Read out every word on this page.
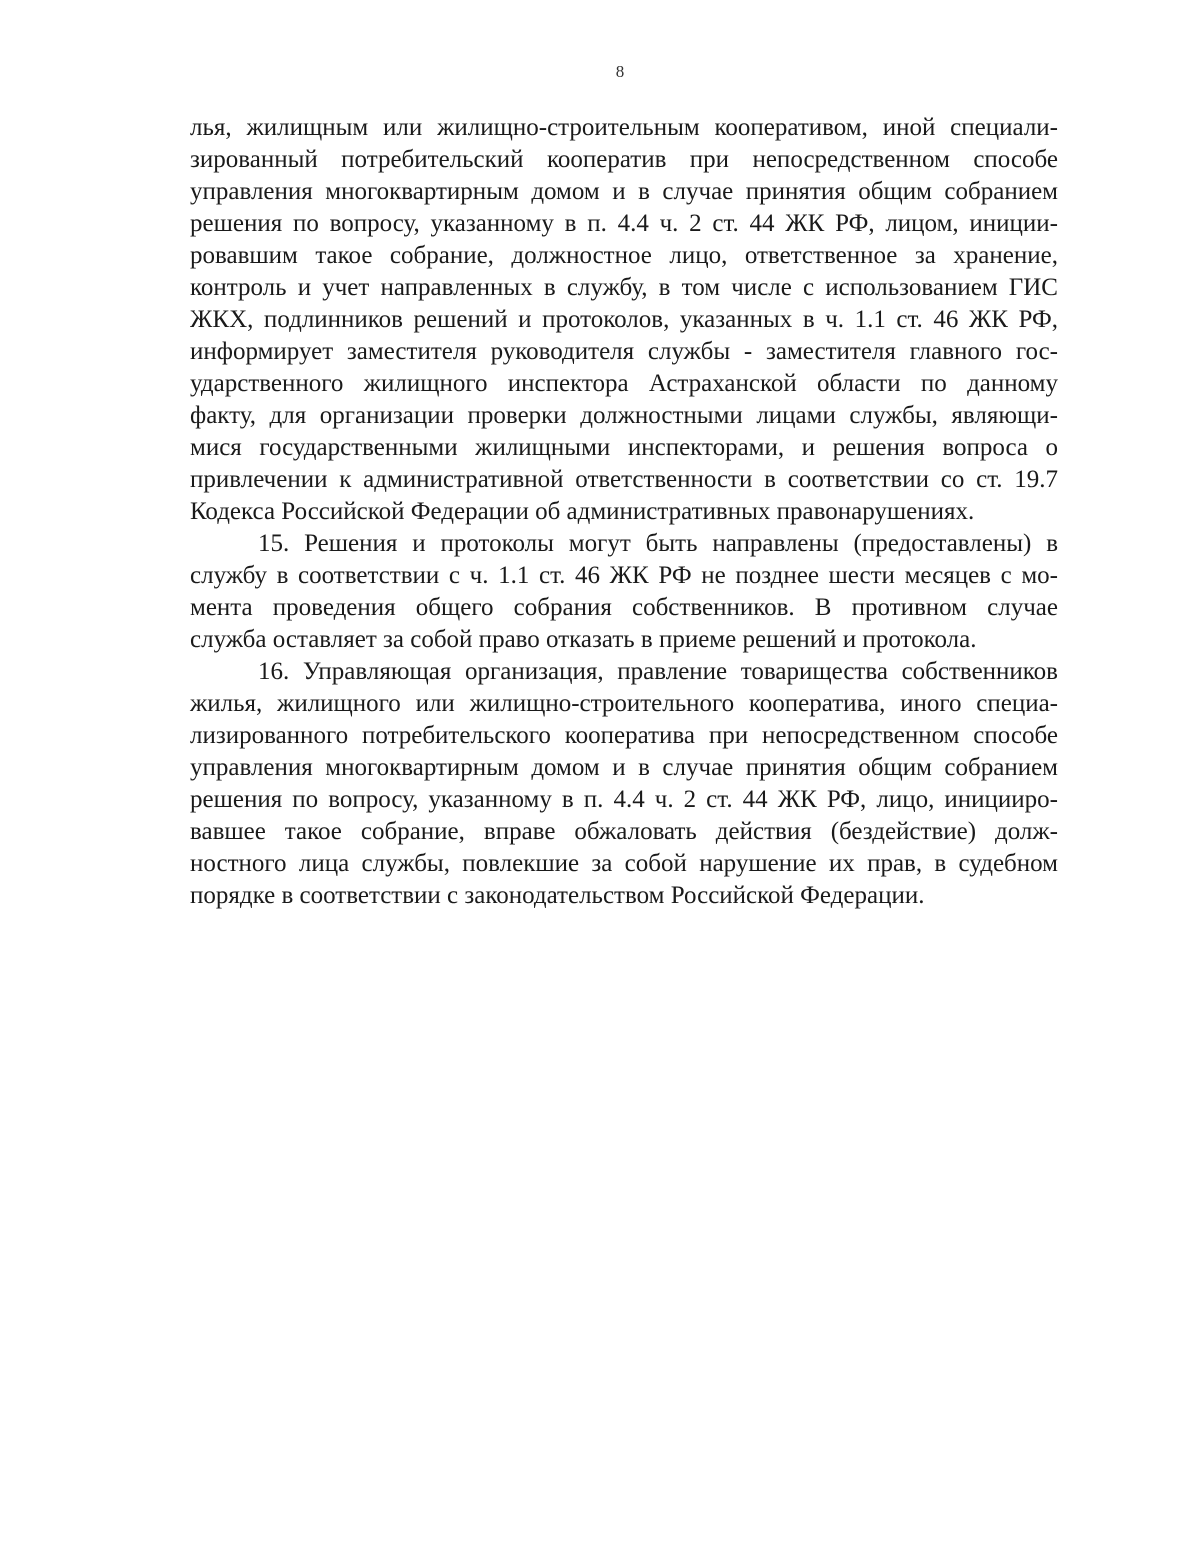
8
лья, жилищным или жилищно-строительным кооперативом, иной специали-
зированный потребительский кооператив при непосредственном способе
управления многоквартирным домом и в случае принятия общим собранием
решения по вопросу, указанному в п. 4.4 ч. 2 ст. 44 ЖК РФ, лицом, иниции-
ровавшим такое собрание, должностное лицо, ответственное за хранение,
контроль и учет направленных в службу, в том числе с использованием ГИС
ЖКХ, подлинников решений и протоколов, указанных в ч. 1.1 ст. 46 ЖК РФ,
информирует заместителя руководителя службы - заместителя главного гос-
ударственного жилищного инспектора Астраханской области по данному
факту, для организации проверки должностными лицами службы, являющи-
мися государственными жилищными инспекторами, и решения вопроса о
привлечении к административной ответственности в соответствии со ст. 19.7
Кодекса Российской Федерации об административных правонарушениях.
15. Решения и протоколы могут быть направлены (предоставлены) в
службу в соответствии с ч. 1.1 ст. 46 ЖК РФ не позднее шести месяцев с мо-
мента проведения общего собрания собственников. В противном случае
служба оставляет за собой право отказать в приеме решений и протокола.
16. Управляющая организация, правление товарищества собственников
жилья, жилищного или жилищно-строительного кооператива, иного специа-
лизированного потребительского кооператива при непосредственном способе
управления многоквартирным домом и в случае принятия общим собранием
решения по вопросу, указанному в п. 4.4 ч. 2 ст. 44 ЖК РФ, лицо, иницииро-
вавшее такое собрание, вправе обжаловать действия (бездействие) долж-
ностного лица службы, повлекшие за собой нарушение их прав, в судебном
порядке в соответствии с законодательством Российской Федерации.
